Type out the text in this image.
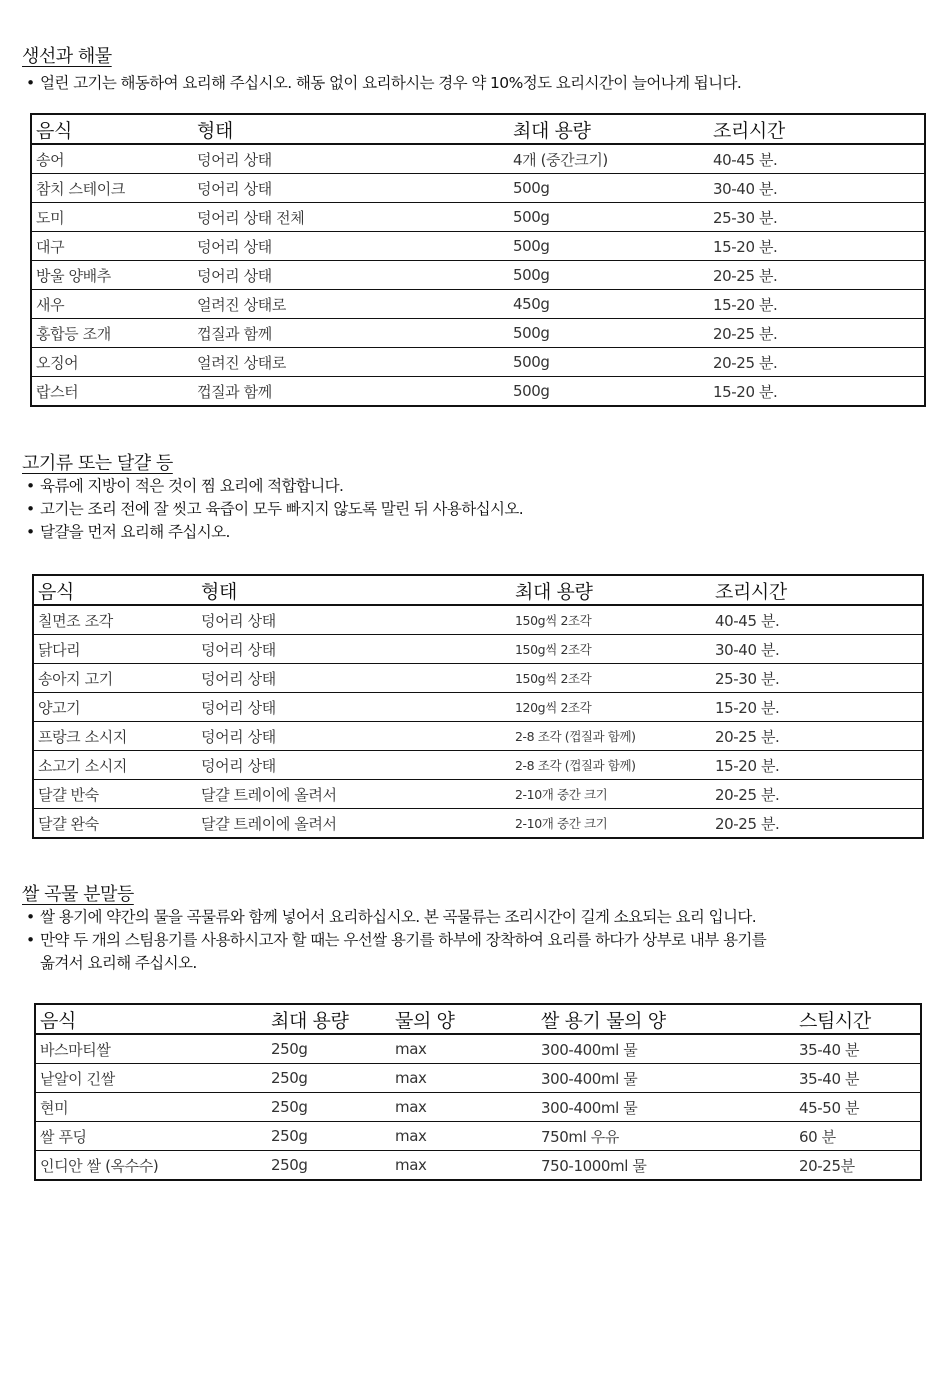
생선과 해물
• 얼린 고기는 해동하여 요리해 주십시오. 해동 없이 요리하시는 경우 약 10%정도 요리시간이 늘어나게 됩니다.
음식	형태	최대 용량	조리시간
송어	덩어리 상태	4개 (중간크기)	40-45 분.
참치 스테이크	덩어리 상태	500g	30-40 분.
도미	덩어리 상태 전체	500g	25-30 분.
대구	덩어리 상태	500g	15-20 분.
방울 양배추	덩어리 상태	500g	20-25 분.
새우	얼려진 상태로	450g	15-20 분.
홍합등 조개	껍질과 함께	500g	20-25 분.
오징어	얼려진 상태로	500g	20-25 분.
랍스터	껍질과 함께	500g	15-20 분.
고기류 또는 달걀 등
• 육류에 지방이 적은 것이 찜 요리에 적합합니다.
• 고기는 조리 전에 잘 씻고 육즙이 모두 빠지지 않도록 말린 뒤 사용하십시오.
• 달걀을 먼저 요리해 주십시오.
음식	형태	최대 용량	조리시간
칠면조 조각	덩어리 상태	150g씩 2조각	40-45 분.
닭다리	덩어리 상태	150g씩 2조각	30-40 분.
송아지 고기	덩어리 상태	150g씩 2조각	25-30 분.
양고기	덩어리 상태	120g씩 2조각	15-20 분.
프랑크 소시지	덩어리 상태	2-8 조각 (껍질과 함께)	20-25 분.
소고기 소시지	덩어리 상태	2-8 조각 (껍질과 함께)	15-20 분.
달걀 반숙	달걀 트레이에 올려서	2-10개 중간 크기	20-25 분.
달걀 완숙	달걀 트레이에 올려서	2-10개 중간 크기	20-25 분.
쌀 곡물 분말등
• 쌀 용기에 약간의 물을 곡물류와 함께 넣어서 요리하십시오. 본 곡물류는 조리시간이 길게 소요되는 요리 입니다.
• 만약 두 개의 스팀용기를 사용하시고자 할 때는 우선쌀 용기를 하부에 장착하여 요리를 하다가 상부로 내부 용기를
옮겨서 요리해 주십시오.
음식	최대 용량	물의 양	쌀 용기 물의 양	스팀시간
바스마티쌀	250g	max	300-400ml 물	35-40 분
낱알이 긴쌀	250g	max	300-400ml 물	35-40 분
현미	250g	max	300-400ml 물	45-50 분
쌀 푸딩	250g	max	750ml 우유	60 분
인디안 쌀 (옥수수)	250g	max	750-1000ml 물	20-25분
